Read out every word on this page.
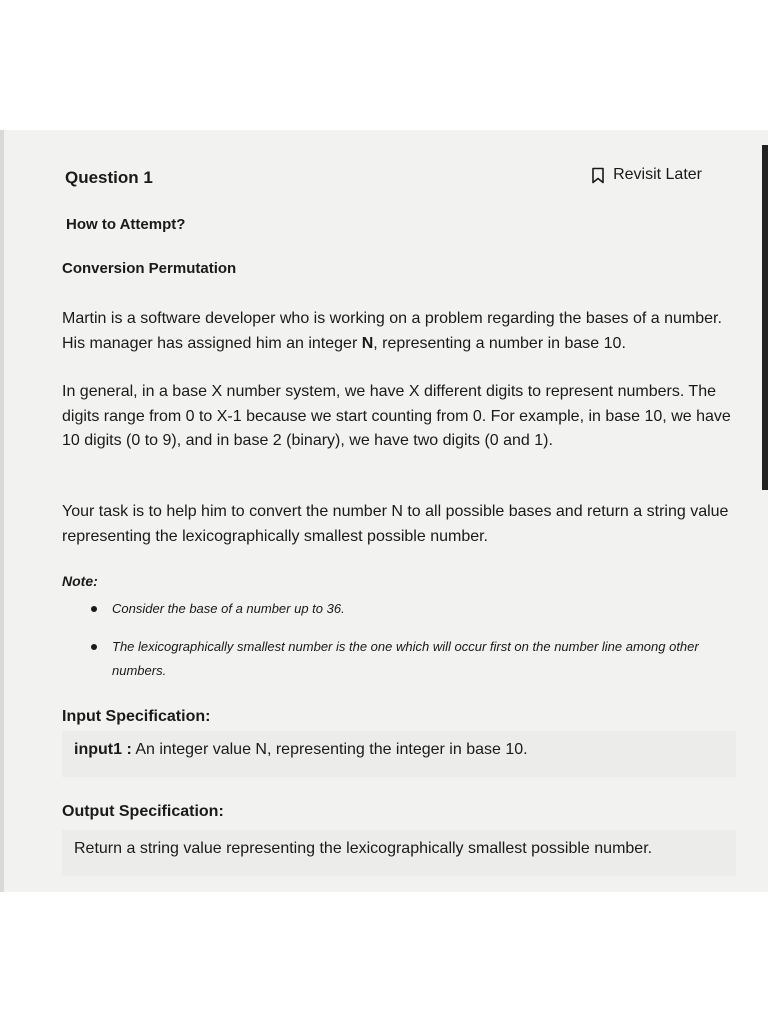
Question 1	Revisit Later
How to Attempt?
Conversion Permutation
Martin is a software developer who is working on a problem regarding the bases of a number. His manager has assigned him an integer N, representing a number in base 10.
In general, in a base X number system, we have X different digits to represent numbers. The digits range from 0 to X-1 because we start counting from 0. For example, in base 10, we have 10 digits (0 to 9), and in base 2 (binary), we have two digits (0 and 1).
Your task is to help him to convert the number N to all possible bases and return a string value representing the lexicographically smallest possible number.
Note:
Consider the base of a number up to 36.
The lexicographically smallest number is the one which will occur first on the number line among other numbers.
Input Specification:
input1 : An integer value N, representing the integer in base 10.
Output Specification:
Return a string value representing the lexicographically smallest possible number.
